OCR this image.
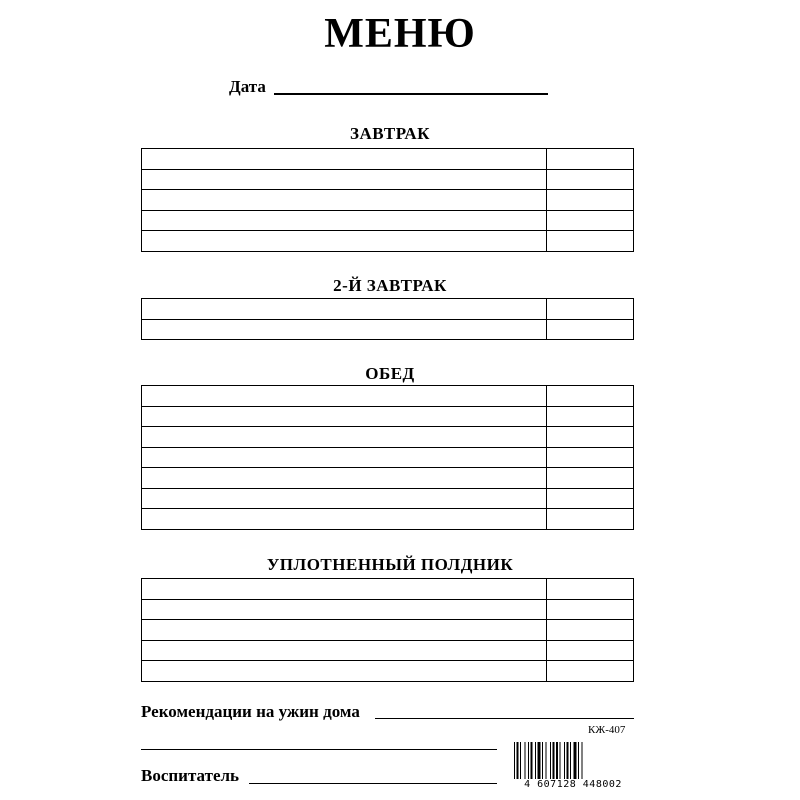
МЕНЮ
Дата
ЗАВТРАК

2-Й ЗАВТРАК

ОБЕД

УПЛОТНЕННЫЙ ПОЛДНИК

Рекомендации на ужин дома
КЖ-407
4 607128 448002
Воспитатель
